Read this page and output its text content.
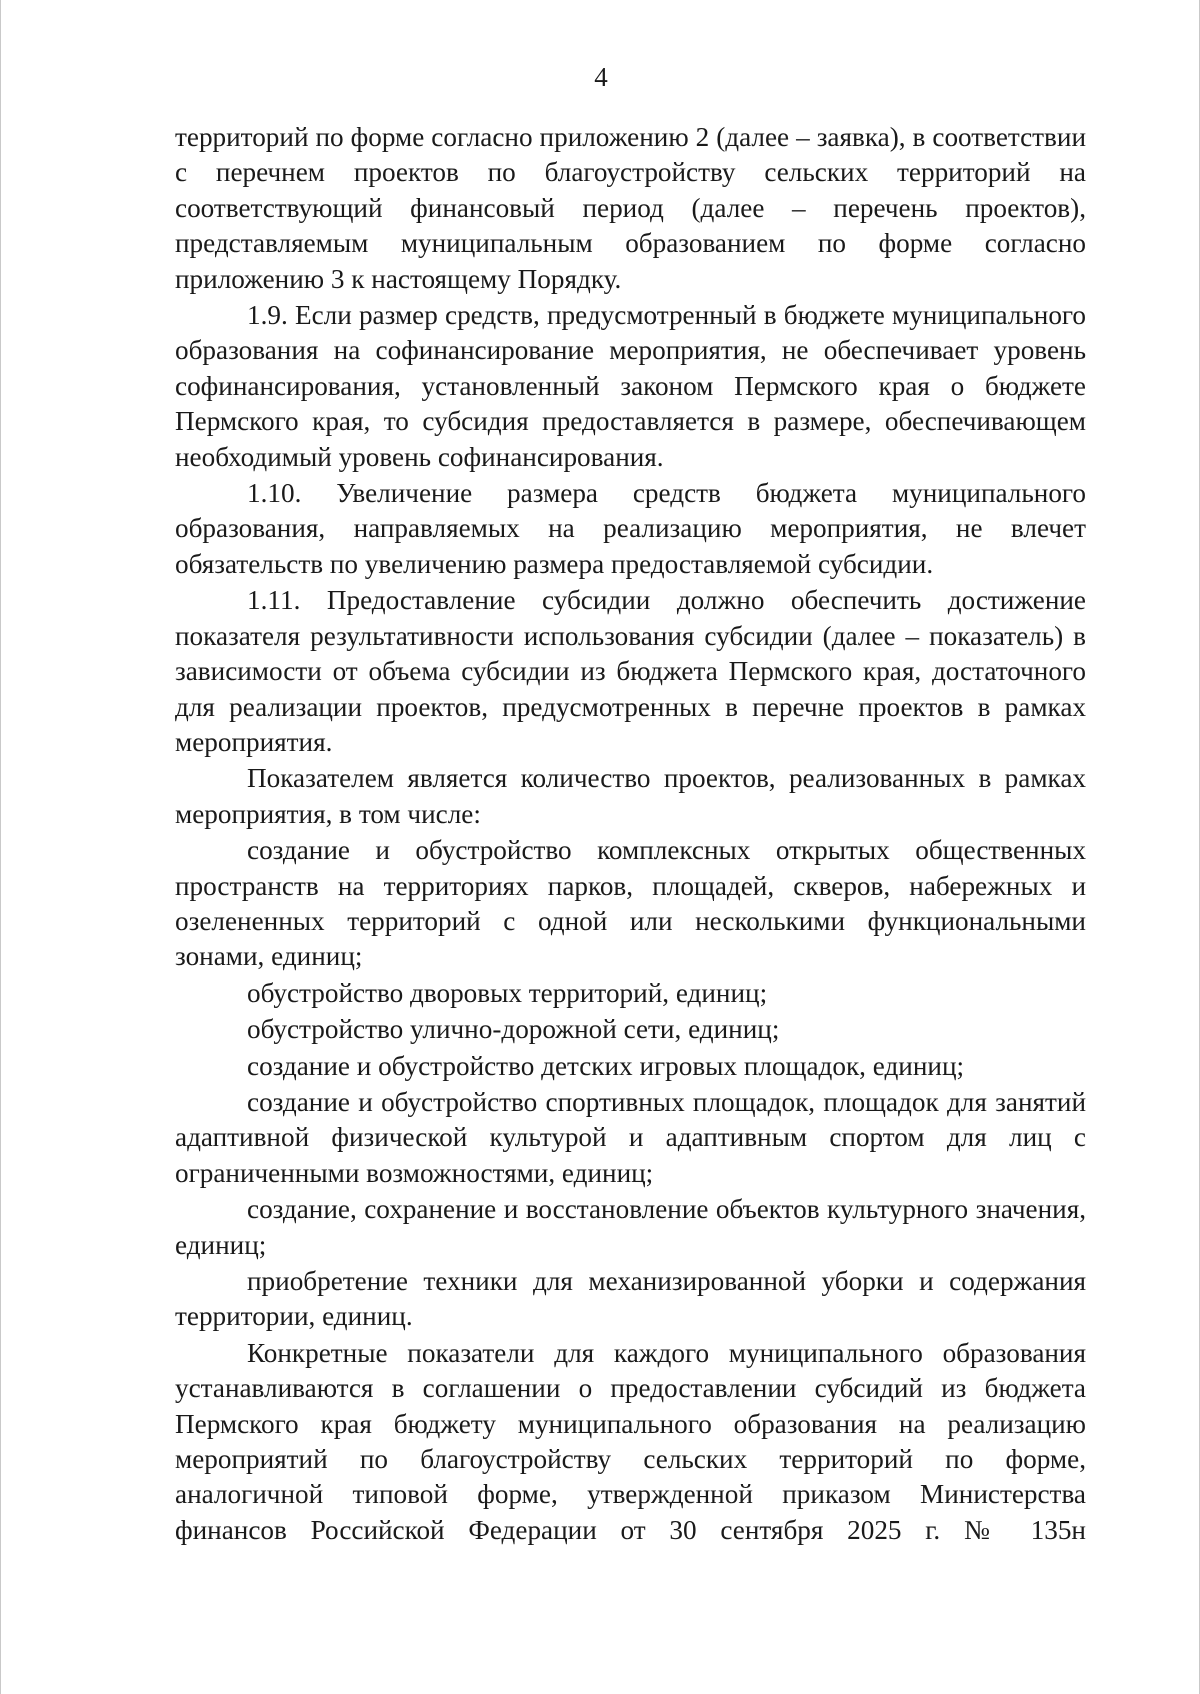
4

территорий по форме согласно приложению 2 (далее – заявка), в соответствии с перечнем проектов по благоустройству сельских территорий на соответствующий финансовый период (далее – перечень проектов), представляемым муниципальным образованием по форме согласно приложению 3 к настоящему Порядку.

1.9. Если размер средств, предусмотренный в бюджете муниципального образования на софинансирование мероприятия, не обеспечивает уровень софинансирования, установленный законом Пермского края о бюджете Пермского края, то субсидия предоставляется в размере, обеспечивающем необходимый уровень софинансирования.

1.10. Увеличение размера средств бюджета муниципального образования, направляемых на реализацию мероприятия, не влечет обязательств по увеличению размера предоставляемой субсидии.

1.11. Предоставление субсидии должно обеспечить достижение показателя результативности использования субсидии (далее – показатель) в зависимости от объема субсидии из бюджета Пермского края, достаточного для реализации проектов, предусмотренных в перечне проектов в рамках мероприятия.

Показателем является количество проектов, реализованных в рамках мероприятия, в том числе:

создание и обустройство комплексных открытых общественных пространств на территориях парков, площадей, скверов, набережных и озелененных территорий с одной или несколькими функциональными зонами, единиц;

обустройство дворовых территорий, единиц;

обустройство улично-дорожной сети, единиц;

создание и обустройство детских игровых площадок, единиц;

создание и обустройство спортивных площадок, площадок для занятий адаптивной физической культурой и адаптивным спортом для лиц с ограниченными возможностями, единиц;

создание, сохранение и восстановление объектов культурного значения, единиц;

приобретение техники для механизированной уборки и содержания территории, единиц.

Конкретные показатели для каждого муниципального образования устанавливаются в соглашении о предоставлении субсидий из бюджета Пермского края бюджету муниципального образования на реализацию мероприятий по благоустройству сельских территорий по форме, аналогичной типовой форме, утвержденной приказом Министерства финансов Российской Федерации от 30 сентября 2025 г. № 135н
